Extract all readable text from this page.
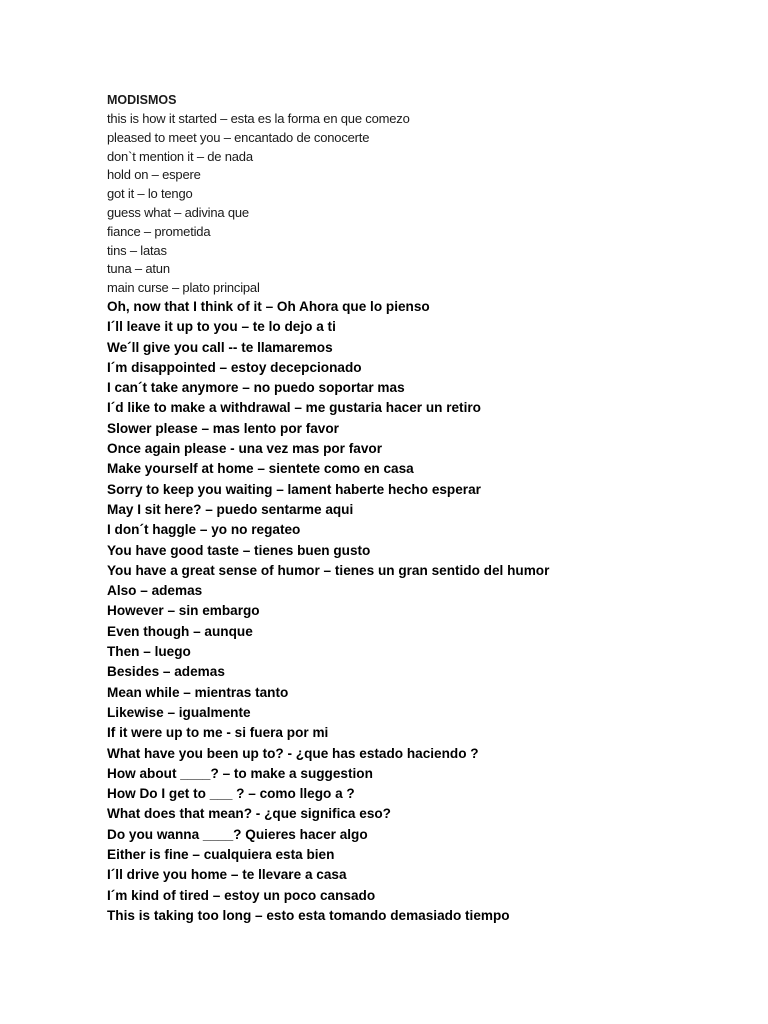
MODISMOS
this is how it started – esta es la forma en que comezo
pleased to meet you – encantado de conocerte
don`t mention it – de nada
hold on – espere
got it – lo tengo
guess what – adivina que
fiance – prometida
tins – latas
tuna – atun
main curse – plato principal
Oh, now that I think of it – Oh Ahora que lo pienso
I´ll leave it up to you – te lo dejo a ti
We´ll give you call -- te llamaremos
I´m disappointed – estoy decepcionado
I can´t take anymore – no puedo soportar mas
I´d like to make a withdrawal – me gustaria hacer un retiro
Slower please – mas lento por favor
Once again please - una vez mas por favor
Make yourself at home – sientete como en casa
Sorry to keep you waiting – lament haberte hecho esperar
May I sit here? – puedo sentarme aqui
I don´t haggle – yo no regateo
You have good taste – tienes buen gusto
You have a great sense of humor – tienes un gran sentido del humor
Also – ademas
However – sin embargo
Even though – aunque
Then – luego
Besides – ademas
Mean while – mientras tanto
Likewise – igualmente
If it were up to me - si fuera por mi
What have you been up to? - ¿que has estado haciendo ?
How about ____? – to make a suggestion
How Do I get to ___ ? – como llego a ?
What does that mean? - ¿que significa eso?
Do you wanna ____? Quieres hacer algo
Either is fine – cualquiera esta bien
I´ll drive you home – te llevare a casa
I´m kind of tired – estoy un poco cansado
This is taking too long – esto esta tomando demasiado tiempo
